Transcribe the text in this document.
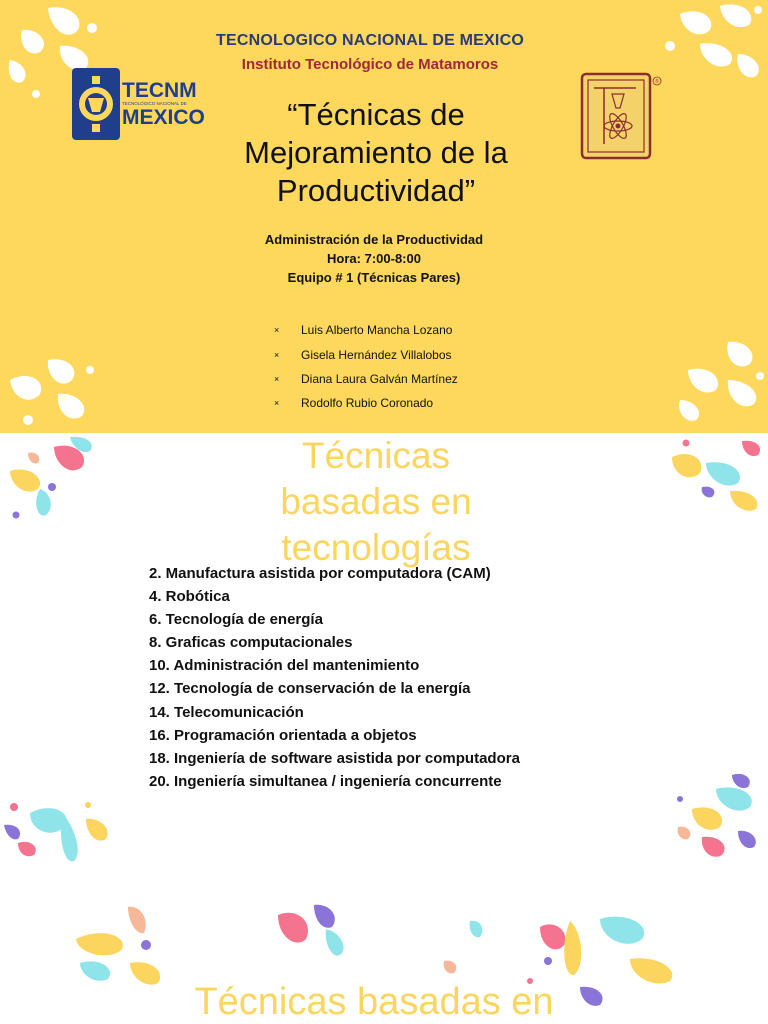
TECNOLOGICO NACIONAL DE MEXICO
Instituto Tecnológico de Matamoros
TECNM
TECNOLÓGICO NACIONAL DE
MEXICO
®
“Técnicas de
Mejoramiento de la
Productividad”
Administración de la Productividad
Hora: 7:00-8:00
Equipo # 1 (Técnicas Pares)
×	Luis Alberto Mancha Lozano
×	Gisela Hernández Villalobos
×	Diana Laura Galván Martínez
×	Rodolfo Rubio Coronado
Técnicas
basadas en
tecnologías
2. Manufactura asistida por computadora (CAM)
4. Robótica
6. Tecnología de energía
8. Graficas computacionales
10. Administración del mantenimiento
12. Tecnología de conservación de la energía
14. Telecomunicación
16. Programación orientada a objetos
18. Ingeniería de software asistida por computadora
20. Ingeniería simultanea / ingeniería concurrente
Técnicas basadas en
